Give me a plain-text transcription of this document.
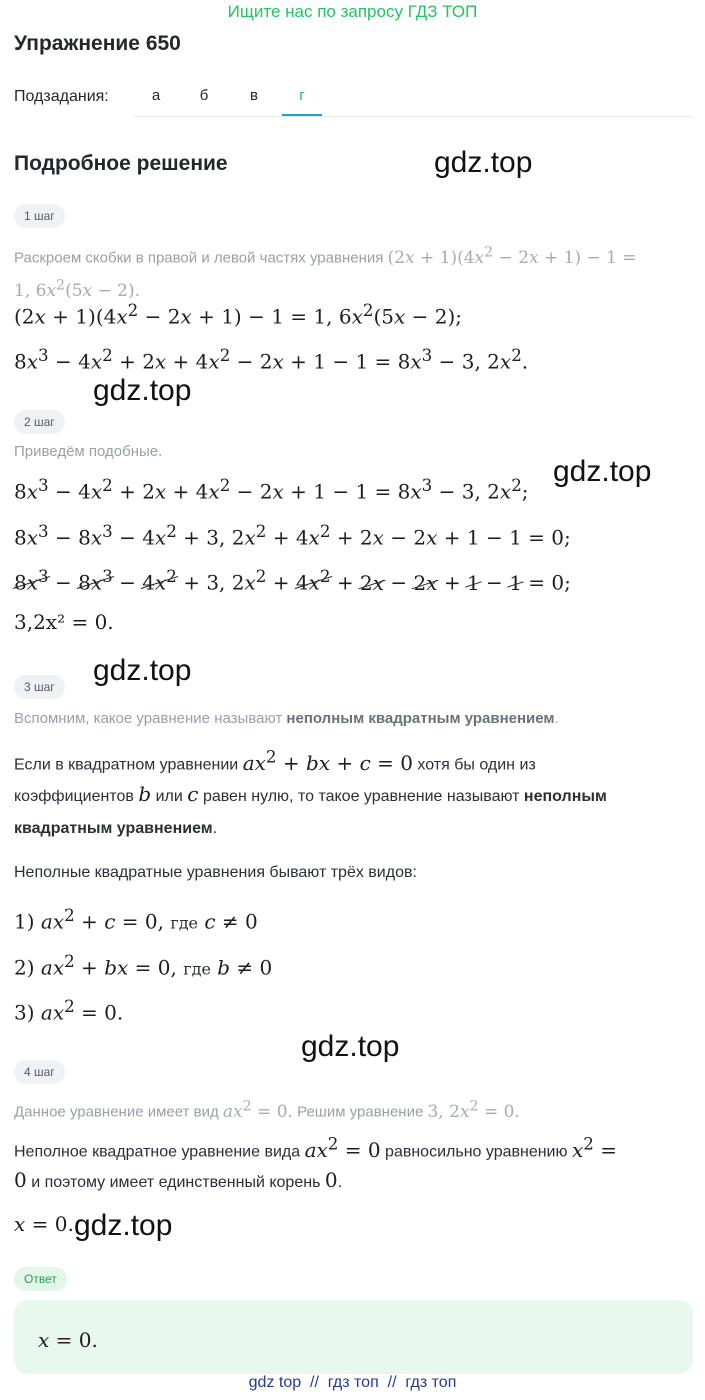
Ищите нас по запросу ГДЗ ТОП
Упражнение 650
Подзадания:	а	б	в	г
Подробное решение	gdz.top
1 шаг
Раскроем скобки в правой и левой частях уравнения $(2x + 1)(4x^2 - 2x + 1) - 1$ =
1, $6x^2(5x - 2)$.
$(2x + 1)(4x^2 - 2x + 1) - 1 = 1$, $6x^2(5x - 2)$;
$8x^3 - 4x^2 + 2x + 4x^2 - 2x + 1 - 1 = 8x^3 - 3$, $2x^2$.
gdz.top
2 шаг
Приведём подобные.
gdz.top
$8x^3 - 4x^2 + 2x + 4x^2 - 2x + 1 - 1 = 8x^3 - 3$, $2x^2$;
$8x^3 - 8x^3 - 4x^2 + 3$, $2x^2 + 4x^2 + 2x - 2x + 1 - 1 = 0$;
$8x^3 - 8x^3 - 4x^2 + 3$, $2x^2 + 4x^2 + 2x - 2x + 1 - 1 = 0$;
3,2x² = 0.
gdz.top
3 шаг
Вспомним, какое уравнение называют неполным квадратным уравнением.
Если в квадратном уравнении $ax^2$ + bx + c = 0 хотя бы один из
коэффициентов b или c равен нулю, то такое уравнение называют неполным
квадратным уравнением.
Неполные квадратные уравнения бывают трёх видов:
1) $ax^2 + c = 0$, где c ≠ 0
2) $ax^2$ + bx = 0, где b ≠ 0
3) $ax^2 = 0$.
gdz.top
4 шаг
Данное уравнение имеет вид $ax^2 = 0$. Решим уравнение 3, $2x^2 = 0$.
Неполное квадратное уравнение вида $ax^2 = 0$ равносильно уравнению $x^2$ =
0 и поэтому имеет единственный корень 0.
x = 0. gdz.top
Ответ
x = 0.
gdz top  //  гдз топ  //  гдз топ
